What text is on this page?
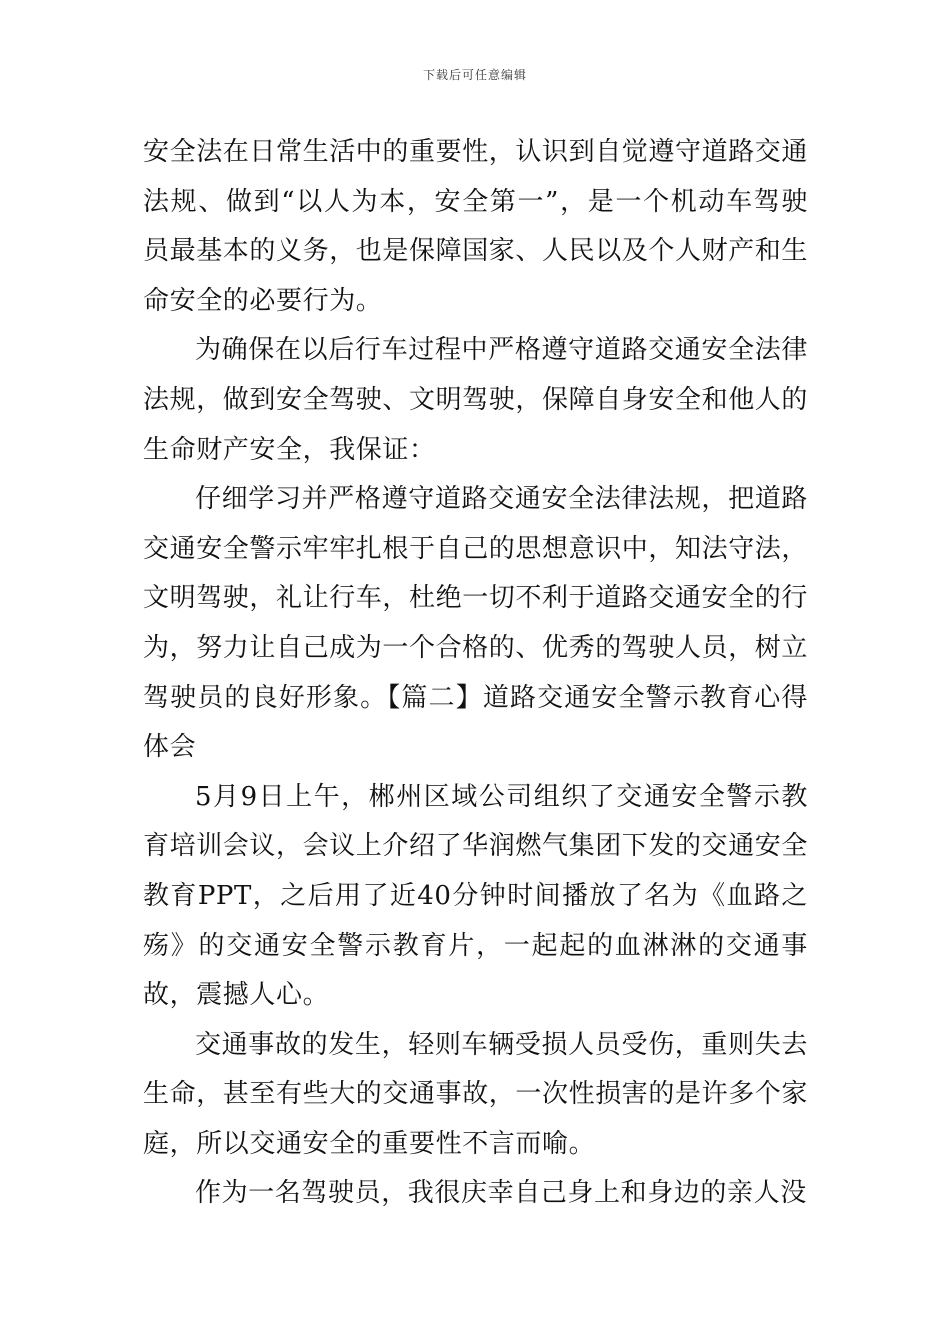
下载后可任意编辑

安全法在日常生活中的重要性，认识到自觉遵守道路交通法规、做到“以人为本，安全第一”，是一个机动车驾驶员最基本的义务，也是保障国家、人民以及个人财产和生命安全的必要行为。

为确保在以后行车过程中严格遵守道路交通安全法律法规，做到安全驾驶、文明驾驶，保障自身安全和他人的生命财产安全，我保证：

仔细学习并严格遵守道路交通安全法律法规，把道路交通安全警示牢牢扎根于自己的思想意识中，知法守法，文明驾驶，礼让行车，杜绝一切不利于道路交通安全的行为，努力让自己成为一个合格的、优秀的驾驶人员，树立驾驶员的良好形象。【篇二】道路交通安全警示教育心得体会

5月9日上午，郴州区域公司组织了交通安全警示教育培训会议，会议上介绍了华润燃气集团下发的交通安全教育PPT，之后用了近40分钟时间播放了名为《血路之殇》的交通安全警示教育片，一起起的血淋淋的交通事故，震撼人心。

交通事故的发生，轻则车辆受损人员受伤，重则失去生命，甚至有些大的交通事故，一次性损害的是许多个家庭，所以交通安全的重要性不言而喻。

作为一名驾驶员，我很庆幸自己身上和身边的亲人没
